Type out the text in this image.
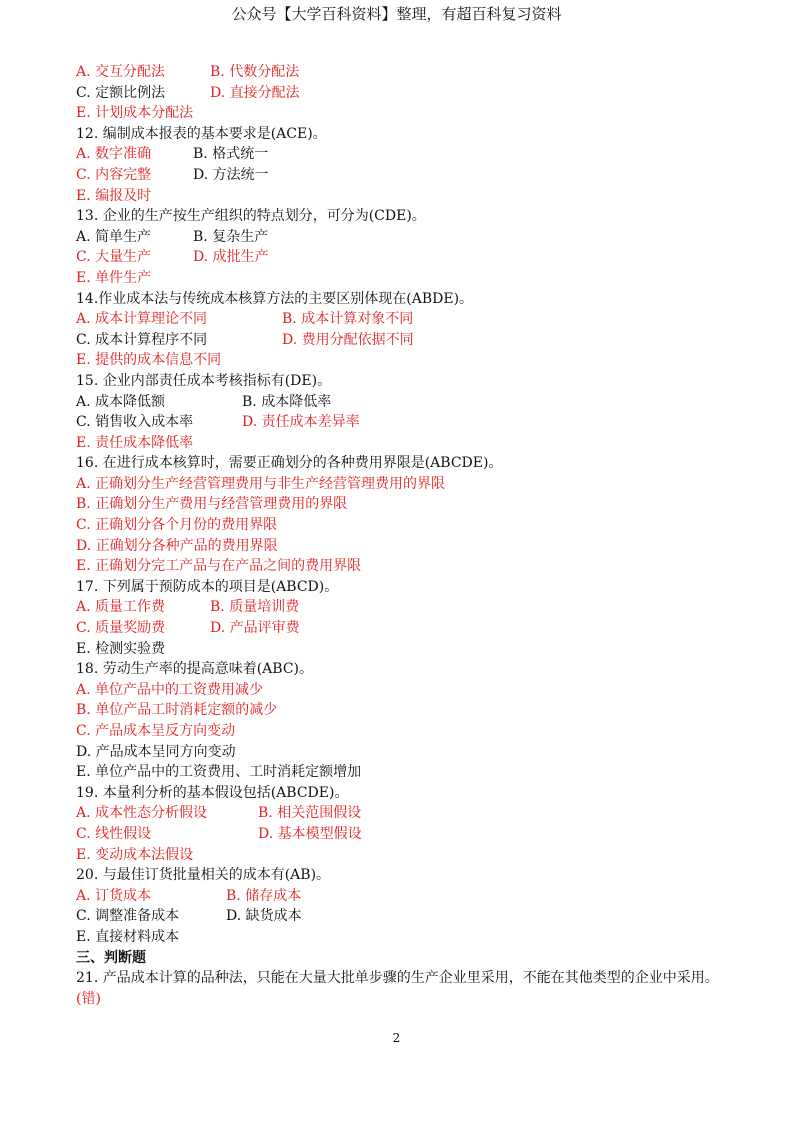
公众号【大学百科资料】整理，有超百科复习资料
A. 交互分配法	B. 代数分配法
C. 定额比例法	D. 直接分配法
E. 计划成本分配法
12. 编制成本报表的基本要求是(ACE)。
A. 数字准确	B. 格式统一
C. 内容完整	D. 方法统一
E. 编报及时
13. 企业的生产按生产组织的特点划分，可分为(CDE)。
A. 简单生产	B. 复杂生产
C. 大量生产	D. 成批生产
E. 单件生产
14.作业成本法与传统成本核算方法的主要区别体现在(ABDE)。
A. 成本计算理论不同	B. 成本计算对象不同
C. 成本计算程序不同	D. 费用分配依据不同
E. 提供的成本信息不同
15. 企业内部责任成本考核指标有(DE)。
A. 成本降低额	B. 成本降低率
C. 销售收入成本率	D. 责任成本差异率
E. 责任成本降低率
16. 在进行成本核算时，需要正确划分的各种费用界限是(ABCDE)。
A. 正确划分生产经营管理费用与非生产经营管理费用的界限
B. 正确划分生产费用与经营管理费用的界限
C. 正确划分各个月份的费用界限
D. 正确划分各种产品的费用界限
E. 正确划分完工产品与在产品之间的费用界限
17. 下列属于预防成本的项目是(ABCD)。
A. 质量工作费	B. 质量培训费
C. 质量奖励费	D. 产品评审费
E. 检测实验费
18. 劳动生产率的提高意味着(ABC)。
A. 单位产品中的工资费用减少
B. 单位产品工时消耗定额的减少
C. 产品成本呈反方向变动
D. 产品成本呈同方向变动
E. 单位产品中的工资费用、工时消耗定额增加
19. 本量利分析的基本假设包括(ABCDE)。
A. 成本性态分析假设	B. 相关范围假设
C. 线性假设	D. 基本模型假设
E. 变动成本法假设
20. 与最佳订货批量相关的成本有(AB)。
A. 订货成本	B. 储存成本
C. 调整准备成本	D. 缺货成本
E. 直接材料成本
三、判断题
21. 产品成本计算的品种法，只能在大量大批单步骤的生产企业里采用，不能在其他类型的企业中采用。(错)
2
